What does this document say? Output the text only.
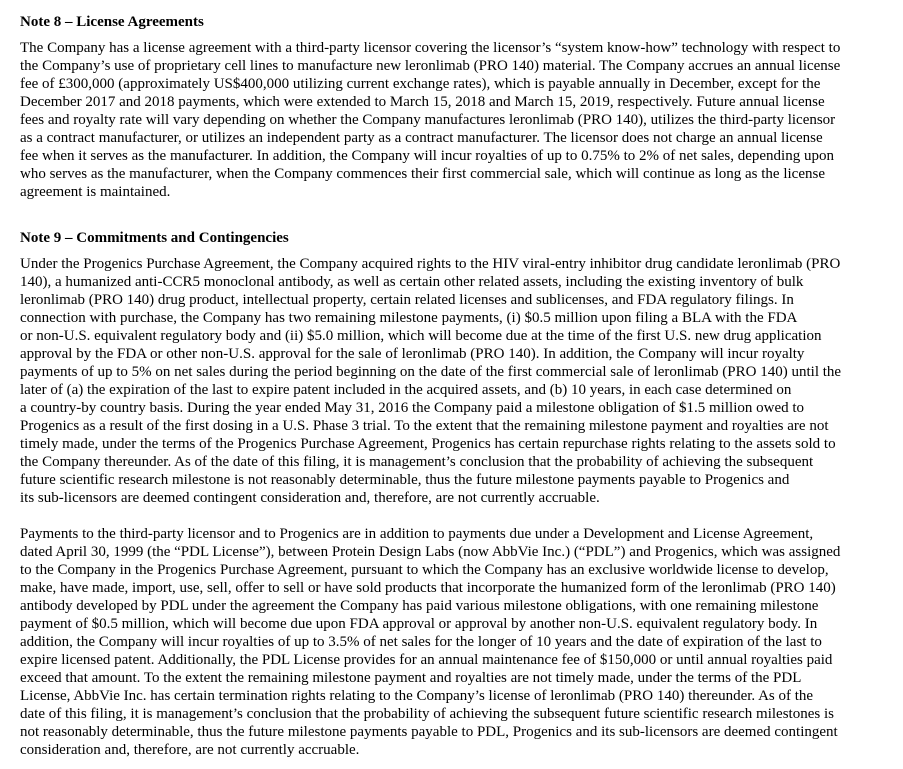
Note 8 – License Agreements
The Company has a license agreement with a third-party licensor covering the licensor’s “system know-how” technology with respect to
the Company’s use of proprietary cell lines to manufacture new leronlimab (PRO 140) material. The Company accrues an annual license
fee of £300,000 (approximately US$400,000 utilizing current exchange rates), which is payable annually in December, except for the
December 2017 and 2018 payments, which were extended to March 15, 2018 and March 15, 2019, respectively. Future annual license
fees and royalty rate will vary depending on whether the Company manufactures leronlimab (PRO 140), utilizes the third-party licensor
as a contract manufacturer, or utilizes an independent party as a contract manufacturer. The licensor does not charge an annual license
fee when it serves as the manufacturer. In addition, the Company will incur royalties of up to 0.75% to 2% of net sales, depending upon
who serves as the manufacturer, when the Company commences their first commercial sale, which will continue as long as the license
agreement is maintained.
Note 9 – Commitments and Contingencies
Under the Progenics Purchase Agreement, the Company acquired rights to the HIV viral-entry inhibitor drug candidate leronlimab (PRO
140), a humanized anti-CCR5 monoclonal antibody, as well as certain other related assets, including the existing inventory of bulk
leronlimab (PRO 140) drug product, intellectual property, certain related licenses and sublicenses, and FDA regulatory filings. In
connection with purchase, the Company has two remaining milestone payments, (i) $0.5 million upon filing a BLA with the FDA
or non-U.S. equivalent regulatory body and (ii) $5.0 million, which will become due at the time of the first U.S. new drug application
approval by the FDA or other non-U.S. approval for the sale of leronlimab (PRO 140). In addition, the Company will incur royalty
payments of up to 5% on net sales during the period beginning on the date of the first commercial sale of leronlimab (PRO 140) until the
later of (a) the expiration of the last to expire patent included in the acquired assets, and (b) 10 years, in each case determined on
a country-by country basis. During the year ended May 31, 2016 the Company paid a milestone obligation of $1.5 million owed to
Progenics as a result of the first dosing in a U.S. Phase 3 trial. To the extent that the remaining milestone payment and royalties are not
timely made, under the terms of the Progenics Purchase Agreement, Progenics has certain repurchase rights relating to the assets sold to
the Company thereunder. As of the date of this filing, it is management’s conclusion that the probability of achieving the subsequent
future scientific research milestone is not reasonably determinable, thus the future milestone payments payable to Progenics and
its sub-licensors are deemed contingent consideration and, therefore, are not currently accruable.
Payments to the third-party licensor and to Progenics are in addition to payments due under a Development and License Agreement,
dated April 30, 1999 (the “PDL License”), between Protein Design Labs (now AbbVie Inc.) (“PDL”) and Progenics, which was assigned
to the Company in the Progenics Purchase Agreement, pursuant to which the Company has an exclusive worldwide license to develop,
make, have made, import, use, sell, offer to sell or have sold products that incorporate the humanized form of the leronlimab (PRO 140)
antibody developed by PDL under the agreement the Company has paid various milestone obligations, with one remaining milestone
payment of $0.5 million, which will become due upon FDA approval or approval by another non-U.S. equivalent regulatory body. In
addition, the Company will incur royalties of up to 3.5% of net sales for the longer of 10 years and the date of expiration of the last to
expire licensed patent. Additionally, the PDL License provides for an annual maintenance fee of $150,000 or until annual royalties paid
exceed that amount. To the extent the remaining milestone payment and royalties are not timely made, under the terms of the PDL
License, AbbVie Inc. has certain termination rights relating to the Company’s license of leronlimab (PRO 140) thereunder. As of the
date of this filing, it is management’s conclusion that the probability of achieving the subsequent future scientific research milestones is
not reasonably determinable, thus the future milestone payments payable to PDL, Progenics and its sub-licensors are deemed contingent
consideration and, therefore, are not currently accruable.
